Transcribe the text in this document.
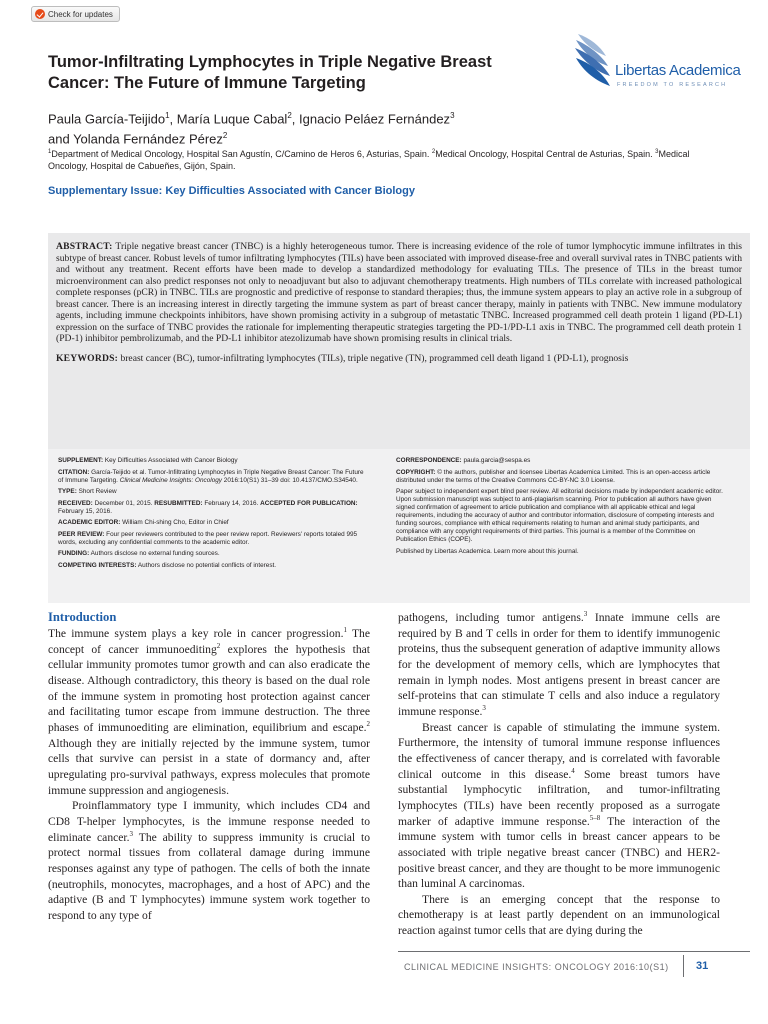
Check for updates
Tumor-Infiltrating Lymphocytes in Triple Negative Breast Cancer: The Future of Immune Targeting
Libertas Academica
FREEDOM TO RESEARCH
Paula García-Teijido$^1$, María Luque Cabal$^2$, Ignacio Peláez Fernández$^3$
and Yolanda Fernández Pérez$^2$
$^1$Department of Medical Oncology, Hospital San Agustín, C/Camino de Heros 6, Asturias, Spain. $^2$Medical Oncology, Hospital Central de Asturias, Spain. $^3$Medical Oncology, Hospital de Cabueñes, Gijón, Spain.
Supplementary Issue: Key Difficulties Associated with Cancer Biology

ABSTRACT: Triple negative breast cancer (TNBC) is a highly heterogeneous tumor. There is increasing evidence of the role of tumor lymphocytic immune infiltrates in this subtype of breast cancer. Robust levels of tumor infiltrating lymphocytes (TILs) have been associated with improved disease-free and overall survival rates in TNBC patients with and without any treatment. Recent efforts have been made to develop a standardized methodology for evaluating TILs. The presence of TILs in the breast tumor microenvironment can also predict responses not only to neoadjuvant but also to adjuvant chemotherapy treatments. High numbers of TILs correlate with increased pathological complete responses (pCR) in TNBC. TILs are prognostic and predictive of response to standard therapies; thus, the immune system appears to play an active role in a subgroup of breast cancer. There is an increasing interest in directly targeting the immune system as part of breast cancer therapy, mainly in patients with TNBC. New immune modulatory agents, including immune checkpoints inhibitors, have shown promising activity in a subgroup of metastatic TNBC. Increased programmed cell death protein 1 ligand (PD-L1) expression on the surface of TNBC provides the rationale for implementing therapeutic strategies targeting the PD-1/PD-L1 axis in TNBC. The programmed cell death protein 1 (PD-1) inhibitor pembrolizumab, and the PD-L1 inhibitor atezolizumab have shown promising results in clinical trials.

KEYWORDS: breast cancer (BC), tumor-infiltrating lymphocytes (TILs), triple negative (TN), programmed cell death ligand 1 (PD-L1), prognosis

SUPPLEMENT: Key Difficulties Associated with Cancer Biology

CITATION: García-Teijido et al. Tumor-Infiltrating Lymphocytes in Triple Negative Breast Cancer: The Future of Immune Targeting. Clinical Medicine Insights: Oncology 2016:10(S1) 31–39 doi: 10.4137/CMO.S34540.

TYPE: Short Review

RECEIVED: December 01, 2015. RESUBMITTED: February 14, 2016. ACCEPTED FOR PUBLICATION: February 15, 2016.

ACADEMIC EDITOR: William Chi-shing Cho, Editor in Chief

PEER REVIEW: Four peer reviewers contributed to the peer review report. Reviewers' reports totaled 995 words, excluding any confidential comments to the academic editor.

FUNDING: Authors disclose no external funding sources.

COMPETING INTERESTS: Authors disclose no potential conflicts of interest.

CORRESPONDENCE: paula.garcia@sespa.es

COPYRIGHT: © the authors, publisher and licensee Libertas Academica Limited. This is an open-access article distributed under the terms of the Creative Commons CC-BY-NC 3.0 License.

Paper subject to independent expert blind peer review. All editorial decisions made by independent academic editor. Upon submission manuscript was subject to anti-plagiarism scanning. Prior to publication all authors have given signed confirmation of agreement to article publication and compliance with all applicable ethical and legal requirements, including the accuracy of author and contributor information, disclosure of competing interests and funding sources, compliance with ethical requirements relating to human and animal study participants, and compliance with any copyright requirements of third parties. This journal is a member of the Committee on Publication Ethics (COPE).

Published by Libertas Academica. Learn more about this journal.

Introduction

The immune system plays a key role in cancer progression.$^1$ The concept of cancer immunoediting$^2$ explores the hypothesis that cellular immunity promotes tumor growth and can also eradicate the disease. Although contradictory, this theory is based on the dual role of the immune system in promoting host protection against cancer and facilitating tumor escape from immune destruction. The three phases of immunoediting are elimination, equilibrium and escape.$^2$ Although they are initially rejected by the immune system, tumor cells that survive can persist in a state of dormancy and, after upregulating pro-survival pathways, express molecules that promote immune suppression and angiogenesis.

Proinflammatory type I immunity, which includes CD4 and CD8 T-helper lymphocytes, is the immune response needed to eliminate cancer.$^3$ The ability to suppress immunity is crucial to protect normal tissues from collateral damage during immune responses against any type of pathogen. The cells of both the innate (neutrophils, monocytes, macrophages, and a host of APC) and the adaptive (B and T lymphocytes) immune system work together to respond to any type of

pathogens, including tumor antigens.$^3$ Innate immune cells are required by B and T cells in order for them to identify immunogenic proteins, thus the subsequent generation of adaptive immunity allows for the development of memory cells, which are lymphocytes that remain in lymph nodes. Most antigens present in breast cancer are self-proteins that can stimulate T cells and also induce a regulatory immune response.$^3$

Breast cancer is capable of stimulating the immune system. Furthermore, the intensity of tumoral immune response influences the effectiveness of cancer therapy, and is correlated with favorable clinical outcome in this disease.$^4$ Some breast tumors have substantial lymphocytic infiltration, and tumor-infiltrating lymphocytes (TILs) have been recently proposed as a surrogate marker of adaptive immune response.$^{5-8}$ The interaction of the immune system with tumor cells in breast cancer appears to be associated with triple negative breast cancer (TNBC) and HER2-positive breast cancer, and they are thought to be more immunogenic than luminal A carcinomas.

There is an emerging concept that the response to chemotherapy is at least partly dependent on an immunological reaction against tumor cells that are dying during the

CLINICAL MEDICINE INSIGHTS: ONCOLOGY 2016:10(S1) 31
